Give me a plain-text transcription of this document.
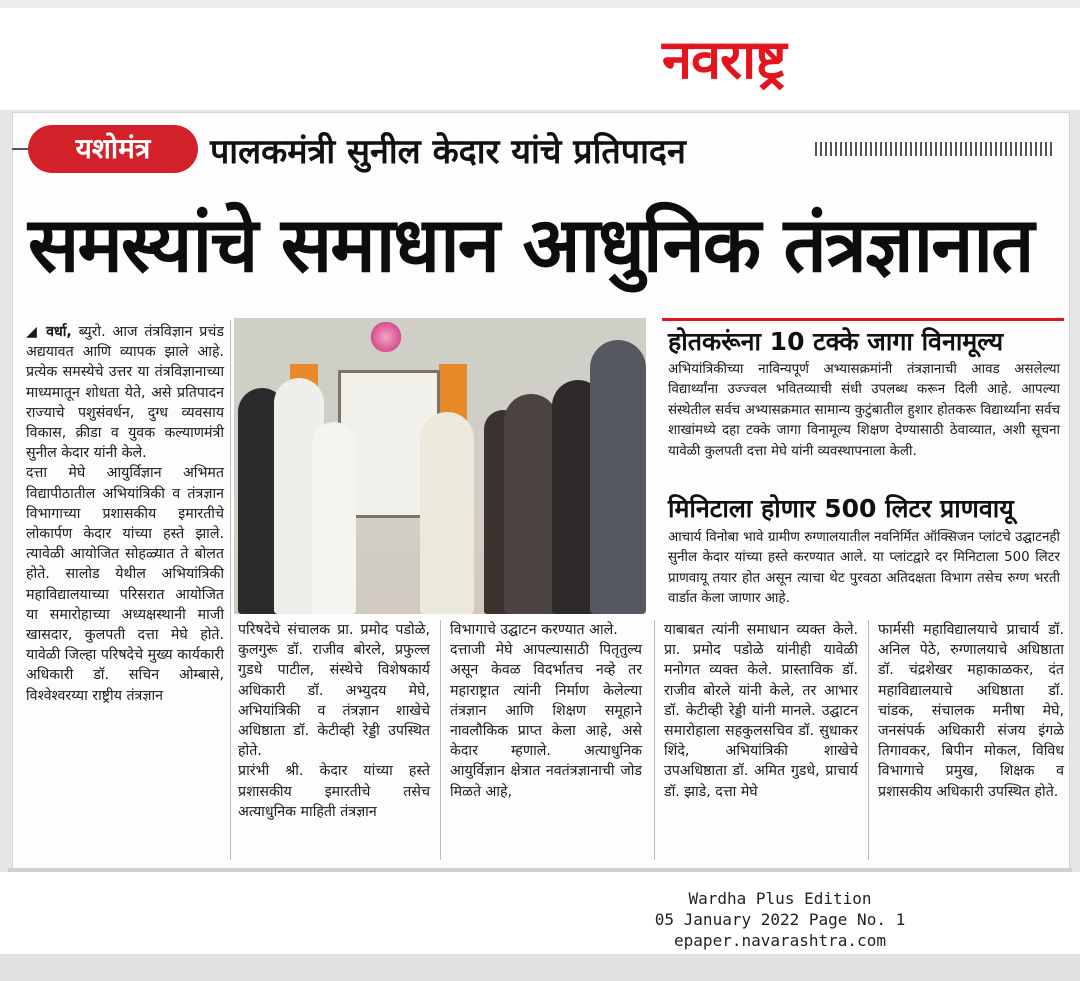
नवराष्ट्र
यशोमंत्र	पालकमंत्री सुनील केदार यांचे प्रतिपादन
समस्यांचे समाधान आधुनिक तंत्रज्ञानात

◢ वर्धा, ब्युरो. आज तंत्रविज्ञान प्रचंड अद्ययावत आणि व्यापक झाले आहे. प्रत्येक समस्येचे उत्तर या तंत्रविज्ञानाच्या माध्यमातून शोधता येते, असे प्रतिपादन राज्याचे पशुसंवर्धन, दुग्ध व्यवसाय विकास, क्रीडा व युवक कल्याणमंत्री सुनील केदार यांनी केले.

दत्ता मेघे आयुर्विज्ञान अभिमत विद्यापीठातील अभियांत्रिकी व तंत्रज्ञान विभागाच्या प्रशासकीय इमारतीचे लोकार्पण केदार यांच्या हस्ते झाले. त्यावेळी आयोजित सोहळ्यात ते बोलत होते. सालोड येथील अभियांत्रिकी महाविद्यालयाच्या परिसरात आयोजित या समारोहाच्या अध्यक्षस्थानी माजी खासदार, कुलपती दत्ता मेघे होते. यावेळी जिल्हा परिषदेचे मुख्य कार्यकारी अधिकारी डॉ. सचिन ओम्बासे, विश्वेश्वरय्या राष्ट्रीय तंत्रज्ञान

होतकरूंना 10 टक्के जागा विनामूल्य
अभियांत्रिकीच्या नाविन्यपूर्ण अभ्यासक्रमांनी तंत्रज्ञानाची आवड असलेल्या विद्यार्थ्यांना उज्ज्वल भवितव्याची संधी उपलब्ध करून दिली आहे. आपल्या संस्थेतील सर्वच अभ्यासक्रमात सामान्य कुटुंबातील हुशार होतकरू विद्यार्थ्यांना सर्वच शाखांमध्ये दहा टक्के जागा विनामूल्य शिक्षण देण्यासाठी ठेवाव्यात, अशी सूचना यावेळी कुलपती दत्ता मेघे यांनी व्यवस्थापनाला केली.
मिनिटाला होणार 500 लिटर प्राणवायू
आचार्य विनोबा भावे ग्रामीण रुग्णालयातील नवनिर्मित ऑक्सिजन प्लांटचे उद्घाटनही सुनील केदार यांच्या हस्ते करण्यात आले. या प्लांटद्वारे दर मिनिटाला 500 लिटर प्राणवायू तयार होत असून त्याचा थेट पुरवठा अतिदक्षता विभाग तसेच रुग्ण भरती वार्डात केला जाणार आहे.

परिषदेचे संचालक प्रा. प्रमोद पडोळे, कुलगुरू डॉ. राजीव बोरले, प्रफुल्ल गुडधे पाटील, संस्थेचे विशेषकार्य अधिकारी डॉ. अभ्युदय मेघे, अभियांत्रिकी व तंत्रज्ञान शाखेचे अधिष्ठाता डॉ. केटीव्ही रेड्डी उपस्थित होते.

प्रारंभी श्री. केदार यांच्या हस्ते प्रशासकीय इमारतीचे तसेच अत्याधुनिक माहिती तंत्रज्ञान

विभागाचे उद्घाटन करण्यात आले.

दत्ताजी मेघे आपल्यासाठी पितृतुल्य असून केवळ विदर्भातच नव्हे तर महाराष्ट्रात त्यांनी निर्माण केलेल्या तंत्रज्ञान आणि शिक्षण समूहाने नावलौकिक प्राप्त केला आहे, असे केदार म्हणाले. अत्याधुनिक आयुर्विज्ञान क्षेत्रात नवतंत्रज्ञानाची जोड मिळते आहे,

याबाबत त्यांनी समाधान व्यक्त केले. प्रा. प्रमोद पडोळे यांनीही यावेळी मनोगत व्यक्त केले. प्रास्ताविक डॉ. राजीव बोरले यांनी केले, तर आभार डॉ. केटीव्ही रेड्डी यांनी मानले. उद्घाटन समारोहाला सहकुलसचिव डॉ. सुधाकर शिंदे, अभियांत्रिकी शाखेचे उपअधिष्ठाता डॉ. अमित गुडधे, प्राचार्य डॉ. झाडे, दत्ता मेघे

फार्मसी महाविद्यालयाचे प्राचार्य डॉ. अनिल पेठे, रुग्णालयाचे अधिष्ठाता डॉ. चंद्रशेखर महाकाळकर, दंत महाविद्यालयाचे अधिष्ठाता डॉ. चांडक, संचालक मनीषा मेघे, जनसंपर्क अधिकारी संजय इंगळे तिगावकर, बिपीन मोकल, विविध विभागाचे प्रमुख, शिक्षक व प्रशासकीय अधिकारी उपस्थित होते.

Wardha Plus Edition
05 January 2022 Page No. 1
epaper.navarashtra.com
